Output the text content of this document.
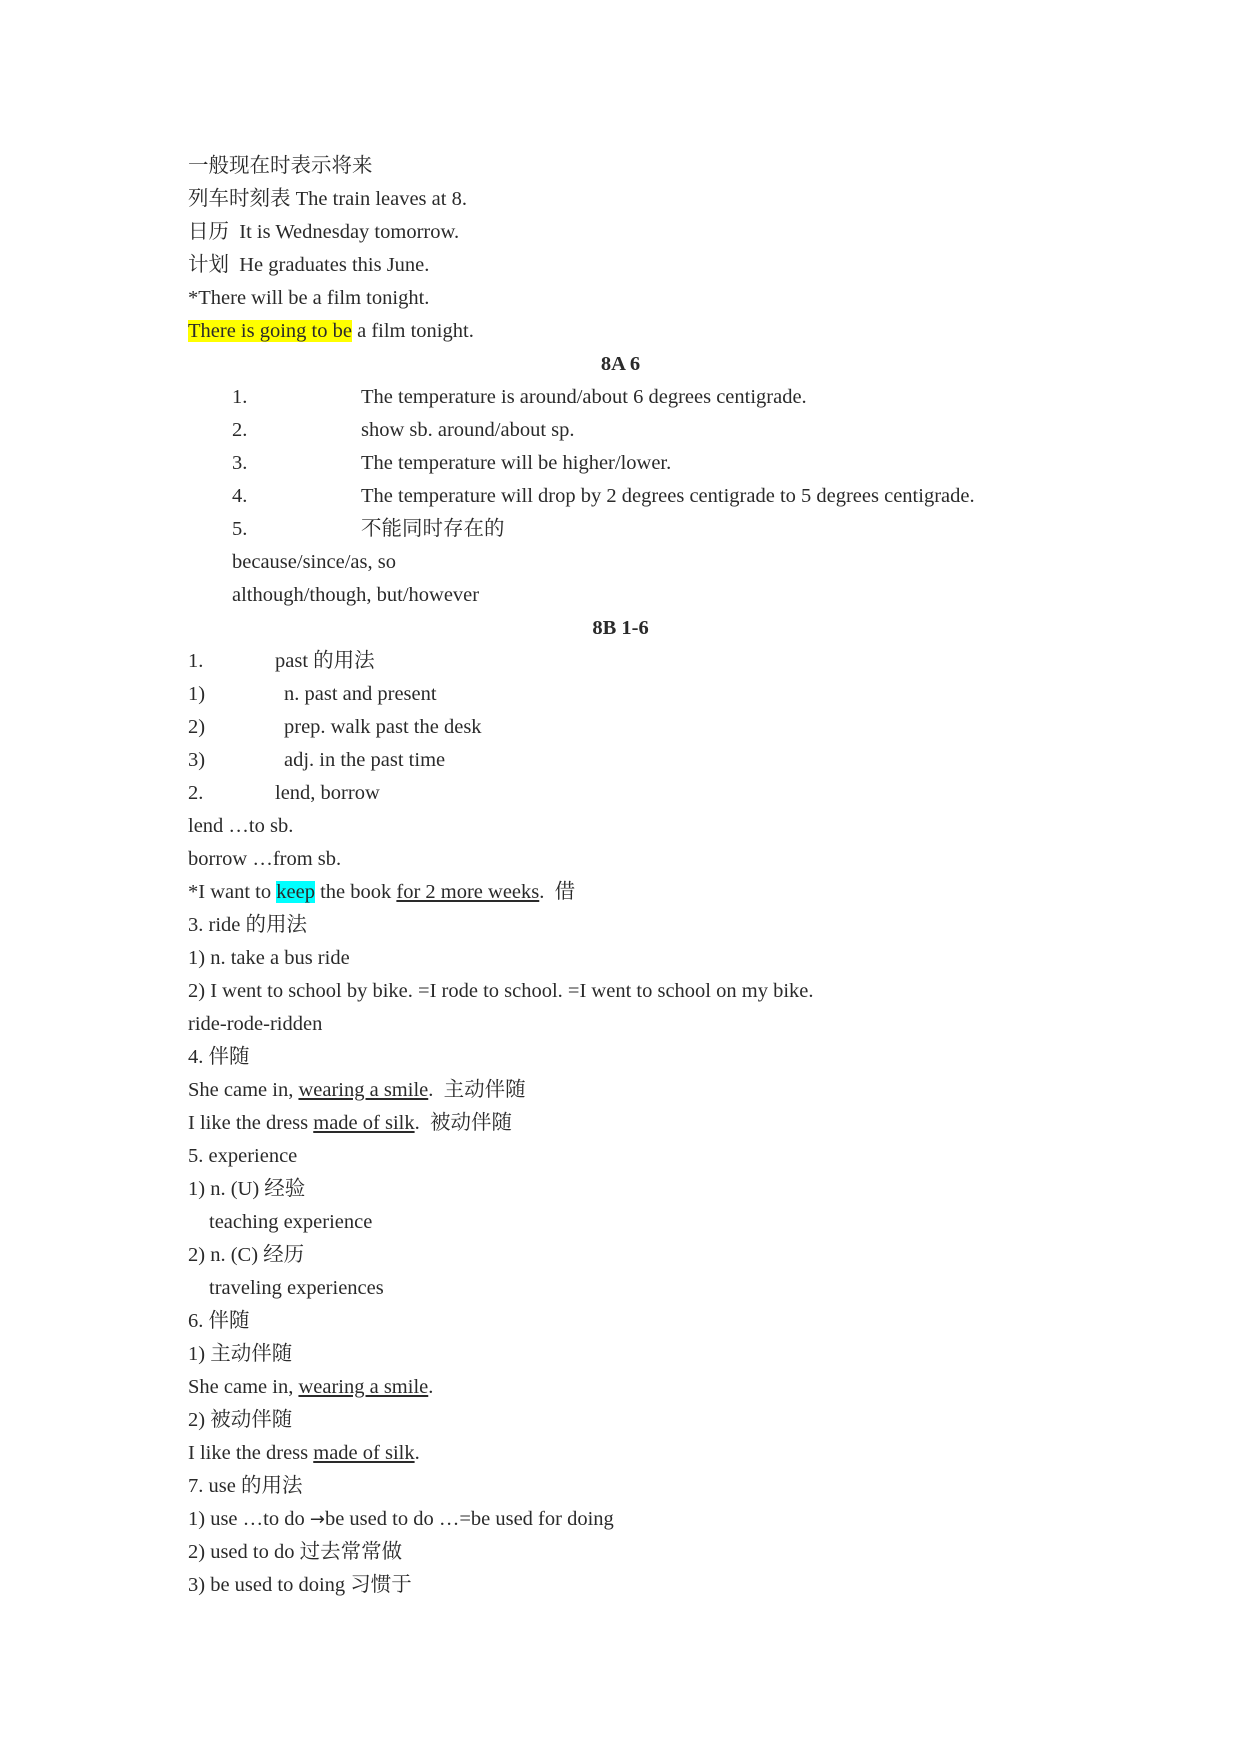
一般现在时表示将来
列车时刻表 The train leaves at 8.
日历 It is Wednesday tomorrow.
计划 He graduates this June.
*There will be a film tonight.
There is going to be a film tonight.
8A 6
1.	The temperature is around/about 6 degrees centigrade.
2.	show sb. around/about sp.
3.	The temperature will be higher/lower.
4.	The temperature will drop by 2 degrees centigrade to 5 degrees centigrade.
5.	不能同时存在的
because/since/as, so
although/though, but/however
8B 1-6
1.	past 的用法
1)	n. past and present
2)	prep. walk past the desk
3)	adj. in the past time
2.	lend, borrow
lend …to sb.
borrow …from sb.
*I want to keep the book for 2 more weeks. 借
3. ride 的用法
1) n. take a bus ride
2) I went to school by bike. =I rode to school. =I went to school on my bike.
ride-rode-ridden
4. 伴随
She came in, wearing a smile. 主动伴随
I like the dress made of silk. 被动伴随
5. experience
1) n. (U) 经验
teaching experience
2) n. (C) 经历
traveling experiences
6. 伴随
1) 主动伴随
She came in, wearing a smile.
2) 被动伴随
I like the dress made of silk.
7. use 的用法
1) use …to do →be used to do …=be used for doing
2) used to do 过去常常做
3) be used to doing 习惯于
